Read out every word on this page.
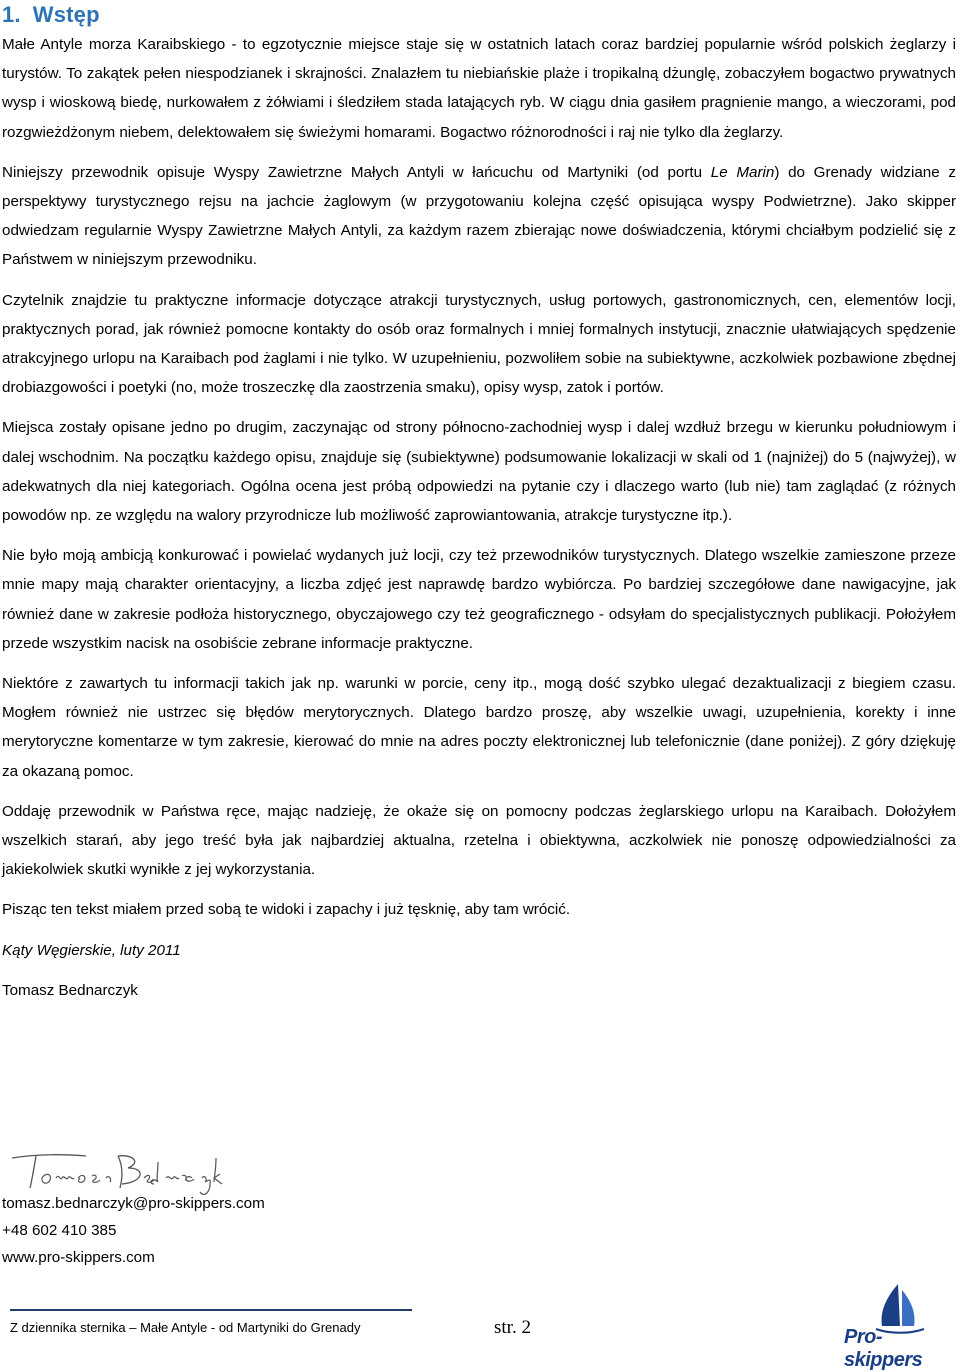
1. Wstęp

Małe Antyle morza Karaibskiego - to egzotycznie miejsce staje się w ostatnich latach coraz bardziej popularnie wśród polskich żeglarzy i turystów. To zakątek pełen niespodzianek i skrajności. Znalazłem tu niebiańskie plaże i tropikalną dżunglę, zobaczyłem bogactwo prywatnych wysp i wioskową biedę, nurkowałem z żółwiami i śledziłem stada latających ryb. W ciągu dnia gasiłem pragnienie mango, a wieczorami, pod rozgwieżdżonym niebem, delektowałem się świeżymi homarami. Bogactwo różnorodności i raj nie tylko dla żeglarzy.

Niniejszy przewodnik opisuje Wyspy Zawietrzne Małych Antyli w łańcuchu od Martyniki (od portu Le Marin) do Grenady widziane z perspektywy turystycznego rejsu na jachcie żaglowym (w przygotowaniu kolejna część opisująca wyspy Podwietrzne). Jako skipper odwiedzam regularnie Wyspy Zawietrzne Małych Antyli, za każdym razem zbierając nowe doświadczenia, którymi chciałbym podzielić się z Państwem w niniejszym przewodniku.

Czytelnik znajdzie tu praktyczne informacje dotyczące atrakcji turystycznych, usług portowych, gastronomicznych, cen, elementów locji, praktycznych porad, jak również pomocne kontakty do osób oraz formalnych i mniej formalnych instytucji, znacznie ułatwiających spędzenie atrakcyjnego urlopu na Karaibach pod żaglami i nie tylko. W uzupełnieniu, pozwoliłem sobie na subiektywne, aczkolwiek pozbawione zbędnej drobiazgowości i poetyki (no, może troszeczkę dla zaostrzenia smaku), opisy wysp, zatok i portów.

Miejsca zostały opisane jedno po drugim, zaczynając od strony północno-zachodniej wysp i dalej wzdłuż brzegu w kierunku południowym i dalej wschodnim. Na początku każdego opisu, znajduje się (subiektywne) podsumowanie lokalizacji w skali od 1 (najniżej) do 5 (najwyżej), w adekwatnych dla niej kategoriach. Ogólna ocena jest próbą odpowiedzi na pytanie czy i dlaczego warto (lub nie) tam zaglądać (z różnych powodów np. ze względu na walory przyrodnicze lub możliwość zaprowiantowania, atrakcje turystyczne itp.).

Nie było moją ambicją konkurować i powielać wydanych już locji, czy też przewodników turystycznych. Dlatego wszelkie zamieszone przeze mnie mapy mają charakter orientacyjny, a liczba zdjęć jest naprawdę bardzo wybiórcza. Po bardziej szczegółowe dane nawigacyjne, jak również dane w zakresie podłoża historycznego, obyczajowego czy też geograficznego - odsyłam do specjalistycznych publikacji. Położyłem przede wszystkim nacisk na osobiście zebrane informacje praktyczne.

Niektóre z zawartych tu informacji takich jak np. warunki w porcie, ceny itp., mogą dość szybko ulegać dezaktualizacji z biegiem czasu. Mogłem również nie ustrzec się błędów merytorycznych. Dlatego bardzo proszę, aby wszelkie uwagi, uzupełnienia, korekty i inne merytoryczne komentarze w tym zakresie, kierować do mnie na adres poczty elektronicznej lub telefonicznie (dane poniżej). Z góry dziękuję za okazaną pomoc.

Oddaję przewodnik w Państwa ręce, mając nadzieję, że okaże się on pomocny podczas żeglarskiego urlopu na Karaibach. Dołożyłem wszelkich starań, aby jego treść była jak najbardziej aktualna, rzetelna i obiektywna, aczkolwiek nie ponoszę odpowiedzialności za jakiekolwiek skutki wynikłe z jej wykorzystania.

Pisząc ten tekst miałem przed sobą te widoki i zapachy i już tęsknię, aby tam wrócić.

Kąty Węgierskie, luty 2011

Tomasz Bednarczyk

tomasz.bednarczyk@pro-skippers.com
+48 602 410 385
www.pro-skippers.com
Z dziennika sternika – Małe Antyle - od Martyniki do Grenady	str. 2	Pro-skippers
